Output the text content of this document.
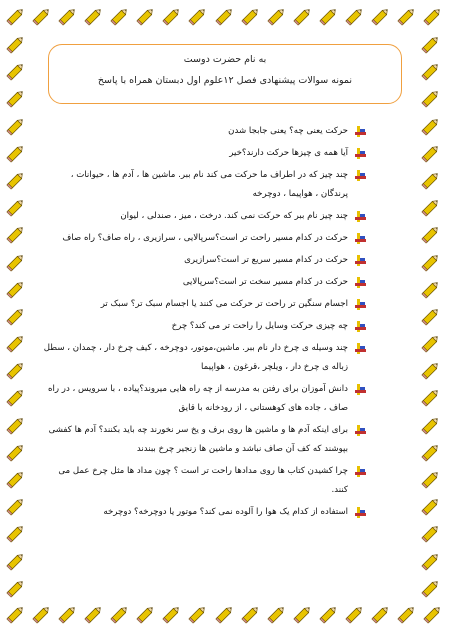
به نام حضرت دوست
نمونه سوالات پیشنهادی فصل ۱۲علوم اول دبستان همراه با پاسخ
حرکت یعنی چه؟ یعنی جابجا شدن
آیا همه ی چیزها حرکت دارند؟خیر
چند چیز که در اطراف ما حرکت می کند نام ببر. ماشین ها ، آدم ها ، حیوانات ، پرندگان ، هواپیما ، دوچرخه
چند چیز نام ببر که حرکت نمی کند. درخت ، میز ، صندلی ، لیوان
حرکت در کدام مسیر راحت تر است؟سرپالایی ، سرازیری ، راه صاف؟ راه صاف
حرکت در کدام مسیر سریع تر است؟سرازیری
حرکت در کدام مسیر سخت تر است؟سرپالایی
اجسام سنگین تر راحت تر حرکت می کنند یا اجسام سبک تر؟ سبک تر
چه چیزی حرکت وسایل را راحت تر می کند؟ چرخ
چند وسیله ی چرخ دار نام ببر. ماشین،موتور، دوچرخه ، کیف چرخ دار ، چمدان ، سطل زباله ی چرخ دار ، ویلچر ،قرغون ، هواپیما
دانش آموزان برای رفتن به مدرسه از چه راه هایی میروند؟پیاده ، با سرویس ، در راه صاف ، جاده های کوهستانی ، از رودخانه با قایق
برای اینکه آدم ها و ماشین ها روی برف و یخ سر نخورند چه باید بکنند؟ آدم ها کفشی بپوشند که کف آن صاف نباشد و ماشین ها زنجیر چرخ ببندند
چرا کشیدن کتاب ها روی مدادها راحت تر است ؟ چون مداد ها مثل چرخ عمل می کنند.
استفاده از کدام یک هوا را آلوده نمی کند؟ موتور یا دوچرخه؟ دوچرخه
